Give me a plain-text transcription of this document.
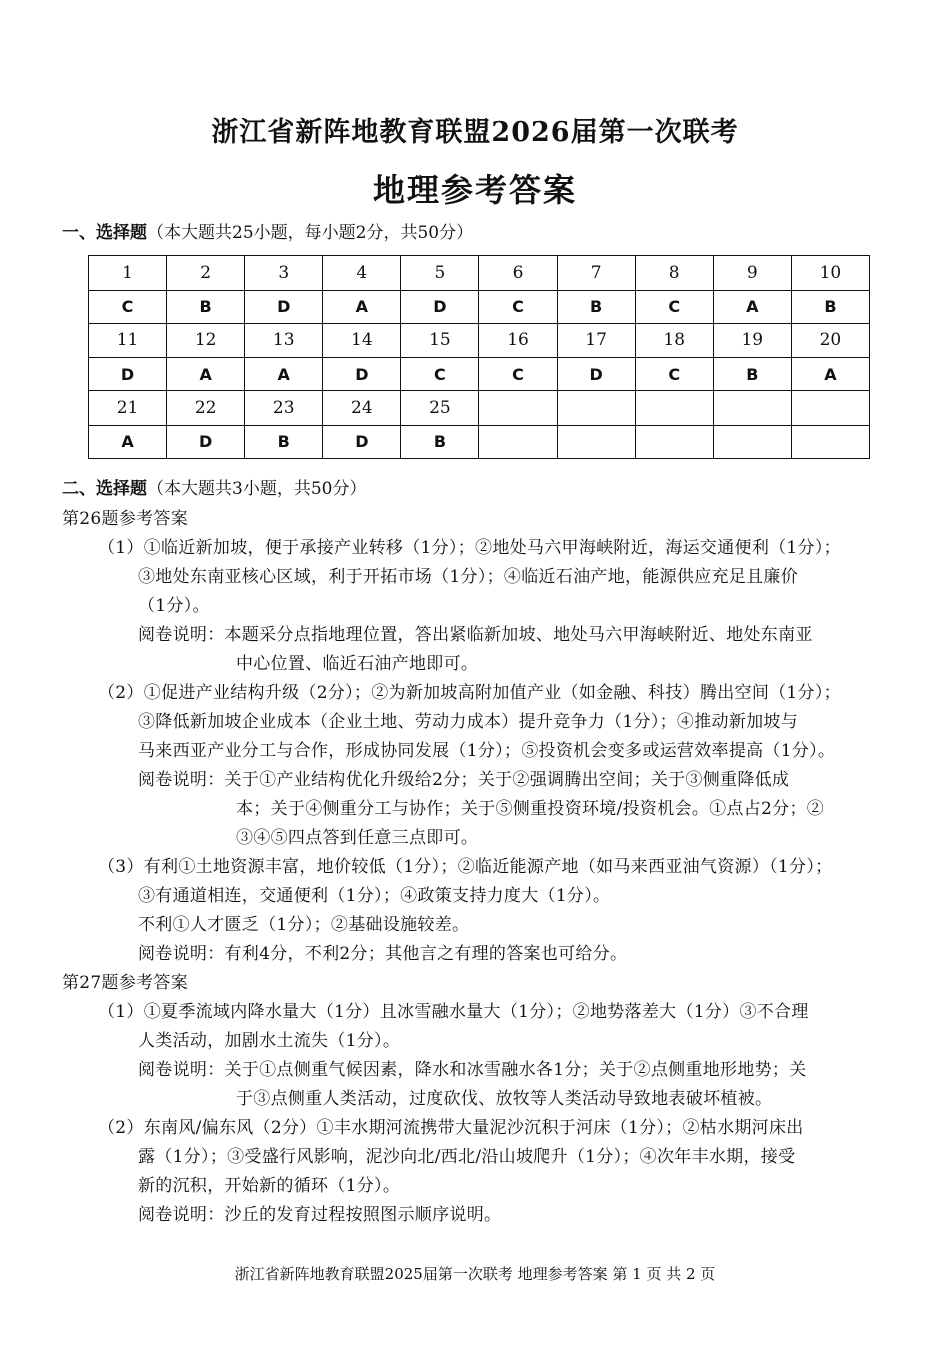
浙江省新阵地教育联盟2026届第一次联考
地理参考答案
一、选择题（本大题共25小题，每小题2分，共50分）
1	2	3	4	5	6	7	8	9	10
C	B	D	A	D	C	B	C	A	B
11	12	13	14	15	16	17	18	19	20
D	A	A	D	C	C	D	C	B	A
21	22	23	24	25					
A	D	B	D	B					
二、选择题（本大题共3小题，共50分）
第26题参考答案
（1）①临近新加坡，便于承接产业转移（1分）；②地处马六甲海峡附近，海运交通便利（1分）；
③地处东南亚核心区域，利于开拓市场（1分）；④临近石油产地，能源供应充足且廉价
（1分）。
阅卷说明：本题采分点指地理位置，答出紧临新加坡、地处马六甲海峡附近、地处东南亚
中心位置、临近石油产地即可。
（2）①促进产业结构升级（2分）；②为新加坡高附加值产业（如金融、科技）腾出空间（1分）；
③降低新加坡企业成本（企业土地、劳动力成本）提升竞争力（1分）；④推动新加坡与
马来西亚产业分工与合作，形成协同发展（1分）；⑤投资机会变多或运营效率提高（1分）。
阅卷说明：关于①产业结构优化升级给2分；关于②强调腾出空间；关于③侧重降低成
本；关于④侧重分工与协作；关于⑤侧重投资环境/投资机会。①点占2分；②
③④⑤四点答到任意三点即可。
（3）有利①土地资源丰富，地价较低（1分）；②临近能源产地（如马来西亚油气资源）（1分）；
③有通道相连，交通便利（1分）；④政策支持力度大（1分）。
不利①人才匮乏（1分）；②基础设施较差。
阅卷说明：有利4分，不利2分；其他言之有理的答案也可给分。
第27题参考答案
（1）①夏季流域内降水量大（1分）且冰雪融水量大（1分）；②地势落差大（1分）③不合理
人类活动，加剧水土流失（1分）。
阅卷说明：关于①点侧重气候因素，降水和冰雪融水各1分；关于②点侧重地形地势；关
于③点侧重人类活动，过度砍伐、放牧等人类活动导致地表破坏植被。
（2）东南风/偏东风（2分）①丰水期河流携带大量泥沙沉积于河床（1分）；②枯水期河床出
露（1分）；③受盛行风影响，泥沙向北/西北/沿山坡爬升（1分）；④次年丰水期，接受
新的沉积，开始新的循环（1分）。
阅卷说明：沙丘的发育过程按照图示顺序说明。
浙江省新阵地教育联盟2025届第一次联考 地理参考答案 第 1 页 共 2 页
